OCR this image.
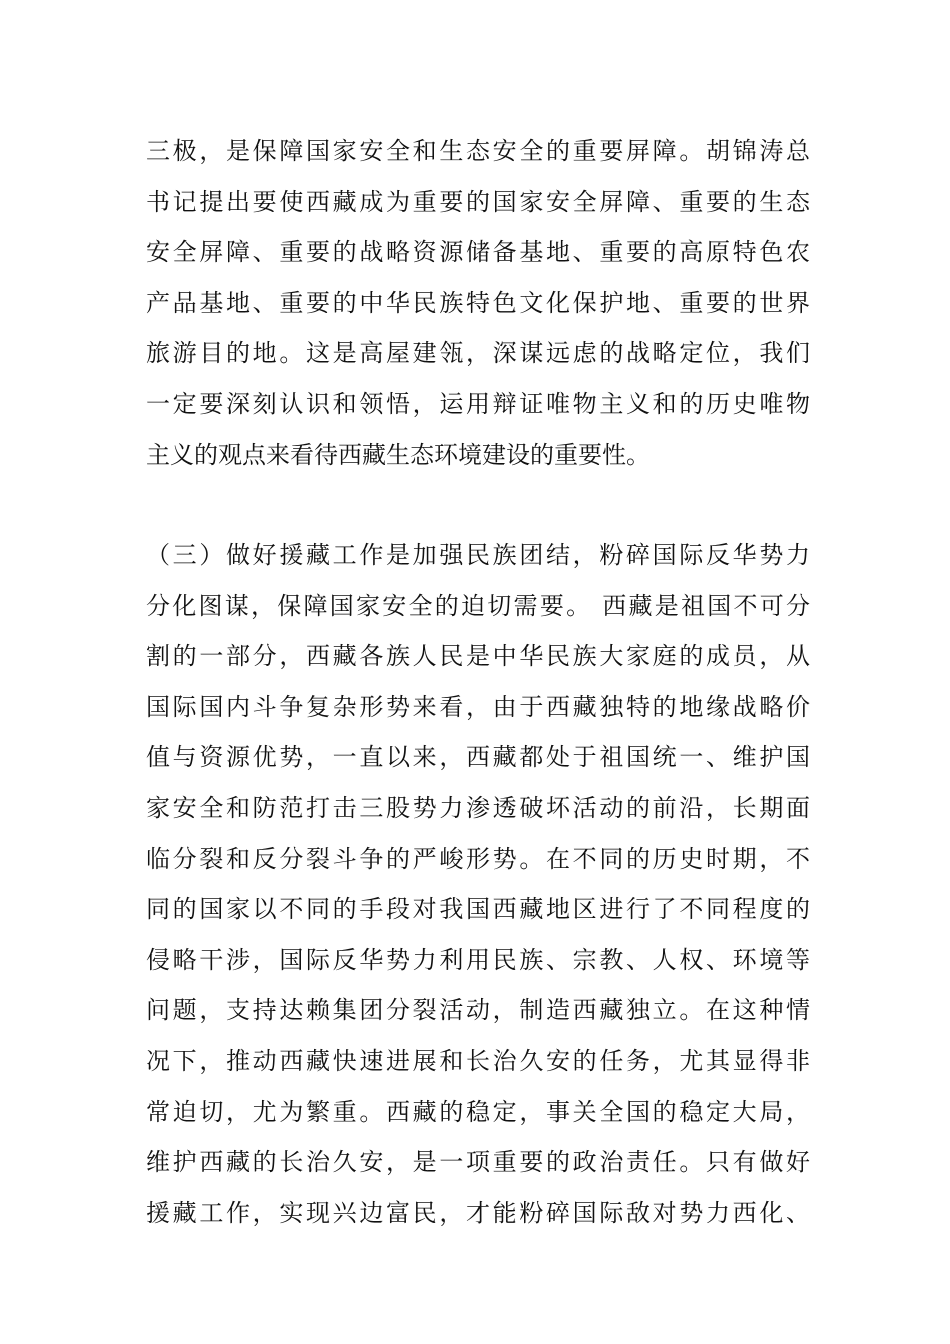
三极，是保障国家安全和生态安全的重要屏障。胡锦涛总
书记提出要使西藏成为重要的国家安全屏障、重要的生态
安全屏障、重要的战略资源储备基地、重要的高原特色农
产品基地、重要的中华民族特色文化保护地、重要的世界
旅游目的地。这是高屋建瓴，深谋远虑的战略定位，我们
一定要深刻认识和领悟，运用辩证唯物主义和的历史唯物
主义的观点来看待西藏生态环境建设的重要性。
（三）做好援藏工作是加强民族团结，粉碎国际反华势力
分化图谋，保障国家安全的迫切需要。 西藏是祖国不可分
割的一部分，西藏各族人民是中华民族大家庭的成员，从
国际国内斗争复杂形势来看，由于西藏独特的地缘战略价
值与资源优势，一直以来，西藏都处于祖国统一、维护国
家安全和防范打击三股势力渗透破坏活动的前沿，长期面
临分裂和反分裂斗争的严峻形势。在不同的历史时期，不
同的国家以不同的手段对我国西藏地区进行了不同程度的
侵略干涉，国际反华势力利用民族、宗教、人权、环境等
问题，支持达赖集团分裂活动，制造西藏独立。在这种情
况下，推动西藏快速进展和长治久安的任务，尤其显得非
常迫切，尤为繁重。西藏的稳定，事关全国的稳定大局，
维护西藏的长治久安，是一项重要的政治责任。只有做好
援藏工作，实现兴边富民，才能粉碎国际敌对势力西化、
